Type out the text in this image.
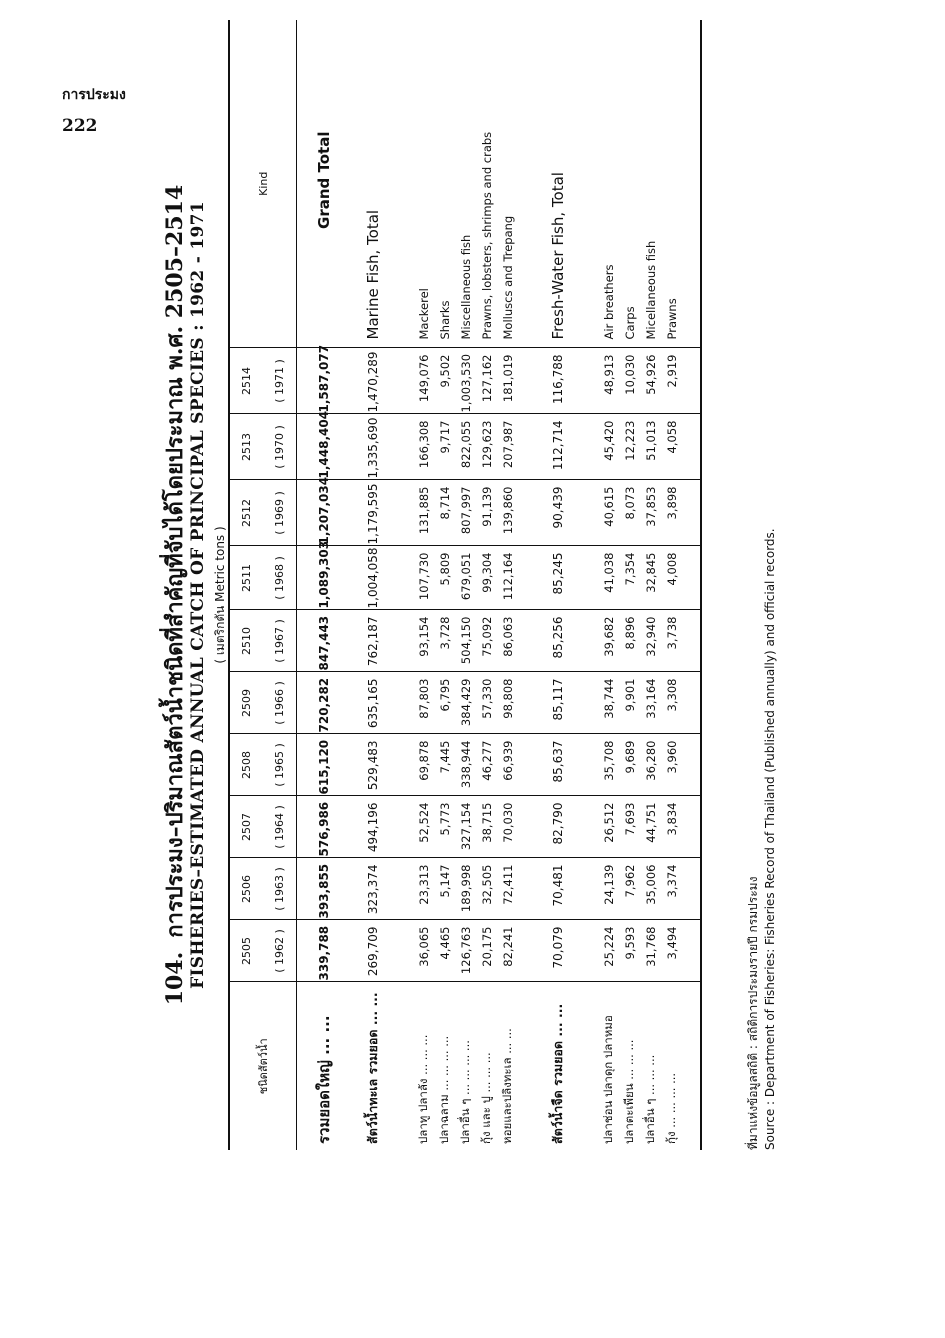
การประมง
222
104.การประมง–ปริมาณสัตว์น้ำชนิดที่สำคัญที่จับได้โดยประมาณ พ.ศ. 2505–2514 FISHERIES–ESTIMATED ANNUAL CATCH OF PRINCIPAL SPECIES : 1962 - 1971 ( เมตริกตัน Metric tons )
ชนิดสัตว์น้ำ	2505	2506	2507	2508	2509	2510	2511	2512	2513	2514	Kind
	( 1962 )	( 1963 )	( 1964 )	( 1965 )	( 1966 )	( 1967 )	( 1968 )	( 1969 )	( 1970 )	( 1971 )	
รวมยอดใหญ่ ... ...	339,788	393,855	576,986	615,120	720,282	847,443	1,089,303	1,207,034	1,448,404	1,587,077	Grand Total
สัตว์น้ำทะเล รวมยอด ... ...	269,709	323,374	494,196	529,483	635,165	762,187	1,004,058	1,179,595	1,335,690	1,470,289	Marine Fish, Total

ปลาทู ปลาลัง ... ... ...	36,065	23,313	52,524	69,878	87,803	93,154	107,730	131,885	166,308	149,076	Mackerel
ปลาฉลาม ... ... ... ...	4,465	5,147	5,773	7,445	6,795	3,728	5,809	8,714	9,717	9,502	Sharks
ปลาอื่น ๆ ... ... ... ...	126,763	189,998	327,154	338,944	384,429	504,150	679,051	807,997	822,055	1,003,530	Miscellaneous fish
กุ้ง และ ปู ... ... ...	20,175	32,505	38,715	46,277	57,330	75,092	99,304	91,139	129,623	127,162	Prawns, lobsters, shrimps and crabs
หอยและปลิงทะเล ... ...	82,241	72,411	70,030	66,939	98,808	86,063	112,164	139,860	207,987	181,019	Molluscs and Trepang

สัตว์น้ำจืด รวมยอด ... ...	70,079	70,481	82,790	85,637	85,117	85,256	85,245	90,439	112,714	116,788	Fresh-Water Fish, Total

ปลาช่อน ปลาดุก ปลาหมอ	25,224	24,139	26,512	35,708	38,744	39,682	41,038	40,615	45,420	48,913	Air breathers
ปลาตะเพียน ... ... ...	9,593	7,962	7,693	9,689	9,901	8,896	7,354	8,073	12,223	10,030	Carps
ปลาอื่น ๆ ... ... ...	31,768	35,006	44,751	36,280	33,164	32,940	32,845	37,853	51,013	54,926	Micellaneous fish
กุ้ง ... ... ... ...	3,494	3,374	3,834	3,960	3,308	3,738	4,008	3,898	4,058	2,919	Prawns

ที่มาแห่งข้อมูลสถิติ : สถิติการประมงรายปี กรมประมง Source : Department of Fisheries: Fisheries Record of Thailand (Published annually) and official records.
